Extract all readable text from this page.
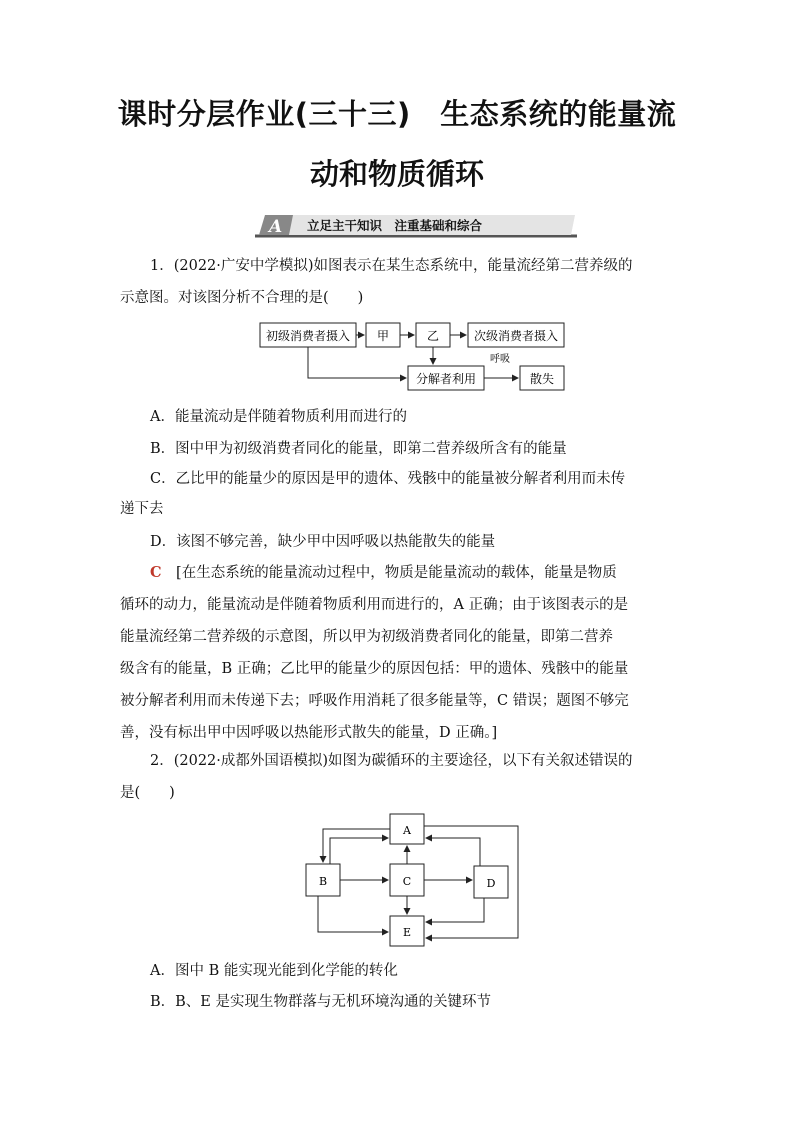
课时分层作业(三十三)　生态系统的能量流
动和物质循环
A 立足主干知识　注重基础和综合

1．(2022·广安中学模拟)如图表示在某生态系统中，能量流经第二营养级的

示意图。对该图分析不合理的是(　　)

初级消费者摄入 甲	乙	次级消费者摄入
分解者利用	散失
呼吸

A．能量流动是伴随着物质利用而进行的

B．图中甲为初级消费者同化的能量，即第二营养级所含有的能量

C．乙比甲的能量少的原因是甲的遗体、残骸中的能量被分解者利用而未传

递下去

D．该图不够完善，缺少甲中因呼吸以热能散失的能量

C　[在生态系统的能量流动过程中，物质是能量流动的载体，能量是物质

循环的动力，能量流动是伴随着物质利用而进行的，A 正确；由于该图表示的是

能量流经第二营养级的示意图，所以甲为初级消费者同化的能量，即第二营养

级含有的能量，B 正确；乙比甲的能量少的原因包括：甲的遗体、残骸中的能量

被分解者利用而未传递下去；呼吸作用消耗了很多能量等，C 错误；题图不够完

善，没有标出甲中因呼吸以热能形式散失的能量，D 正确。]

2．(2022·成都外国语模拟)如图为碳循环的主要途径，以下有关叙述错误的

是(　　)

A
B	C	D
E

A．图中 B 能实现光能到化学能的转化

B．B、E 是实现生物群落与无机环境沟通的关键环节
